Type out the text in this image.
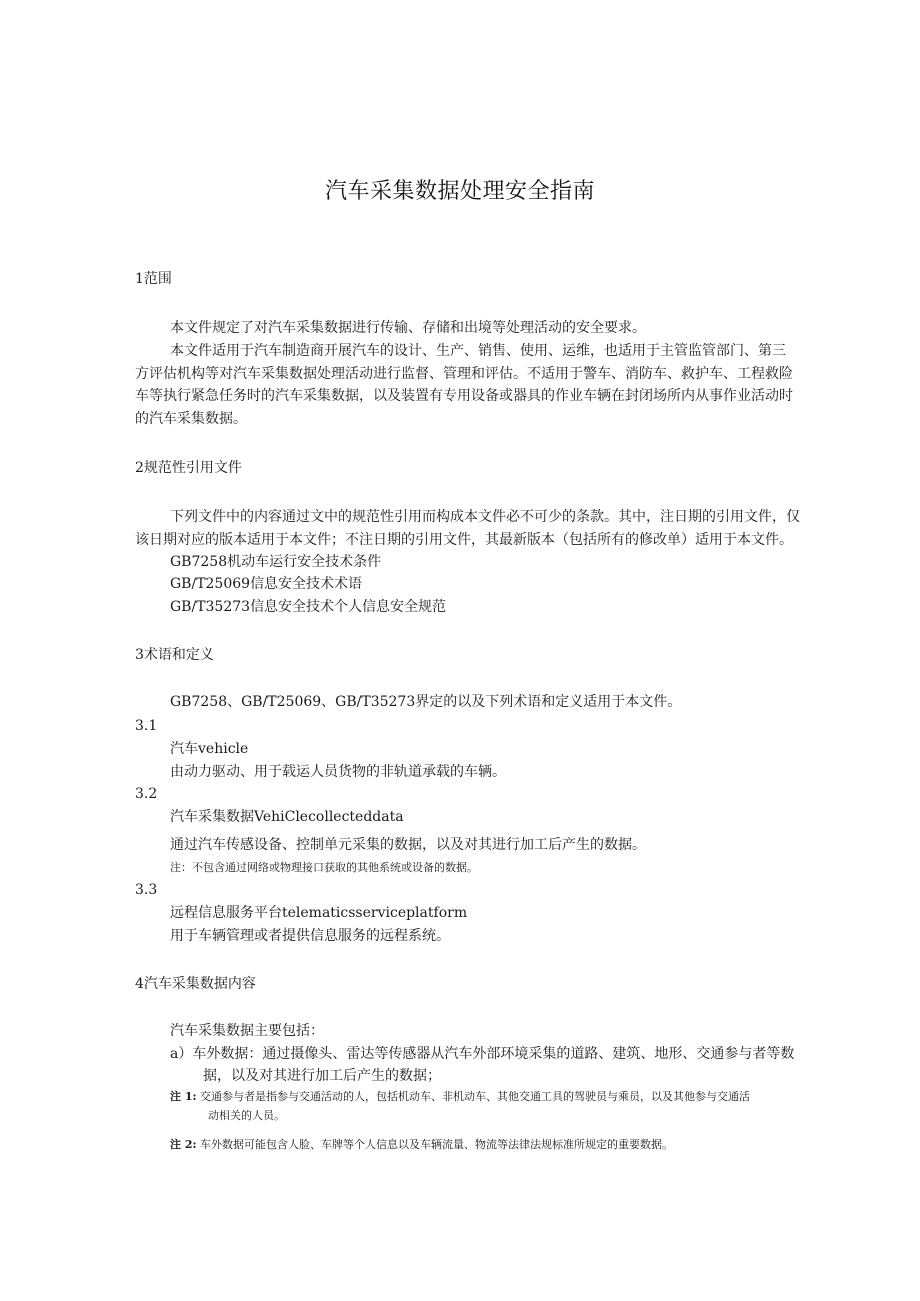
汽车采集数据处理安全指南
1范围
本文件规定了对汽车采集数据进行传输、存储和出境等处理活动的安全要求。
本文件适用于汽车制造商开展汽车的设计、生产、销售、使用、运维，也适用于主管监管部门、第三
方评估机构等对汽车采集数据处理活动进行监督、管理和评估。不适用于警车、消防车、救护车、工程救险
车等执行紧急任务时的汽车采集数据，以及装置有专用设备或器具的作业车辆在封闭场所内从事作业活动时
的汽车采集数据。
2规范性引用文件
下列文件中的内容通过文中的规范性引用而构成本文件必不可少的条款。其中，注日期的引用文件，仅
该日期对应的版本适用于本文件；不注日期的引用文件，其最新版本（包括所有的修改单）适用于本文件。
GB7258机动车运行安全技术条件
GB/T25069信息安全技术术语
GB/T35273信息安全技术个人信息安全规范
3术语和定义
GB7258、GB/T25069、GB/T35273界定的以及下列术语和定义适用于本文件。
3.1
汽车vehicle
由动力驱动、用于载运人员货物的非轨道承载的车辆。
3.2
汽车采集数据VehiClecollecteddata
通过汽车传感设备、控制单元采集的数据，以及对其进行加工后产生的数据。
注：不包含通过网络或物理接口获取的其他系统或设备的数据。
3.3
远程信息服务平台telematicsserviceplatform
用于车辆管理或者提供信息服务的远程系统。
4汽车采集数据内容
汽车采集数据主要包括：
a）车外数据：通过摄像头、雷达等传感器从汽车外部环境采集的道路、建筑、地形、交通参与者等数
据，以及对其进行加工后产生的数据；
注 1: 交通参与者是指参与交通活动的人，包括机动车、非机动车、其他交通工具的驾驶员与乘员，以及其他参与交通活
动相关的人员。
注 2: 车外数据可能包含人脸、车牌等个人信息以及车辆流量、物流等法律法规标准所规定的重要数据。
